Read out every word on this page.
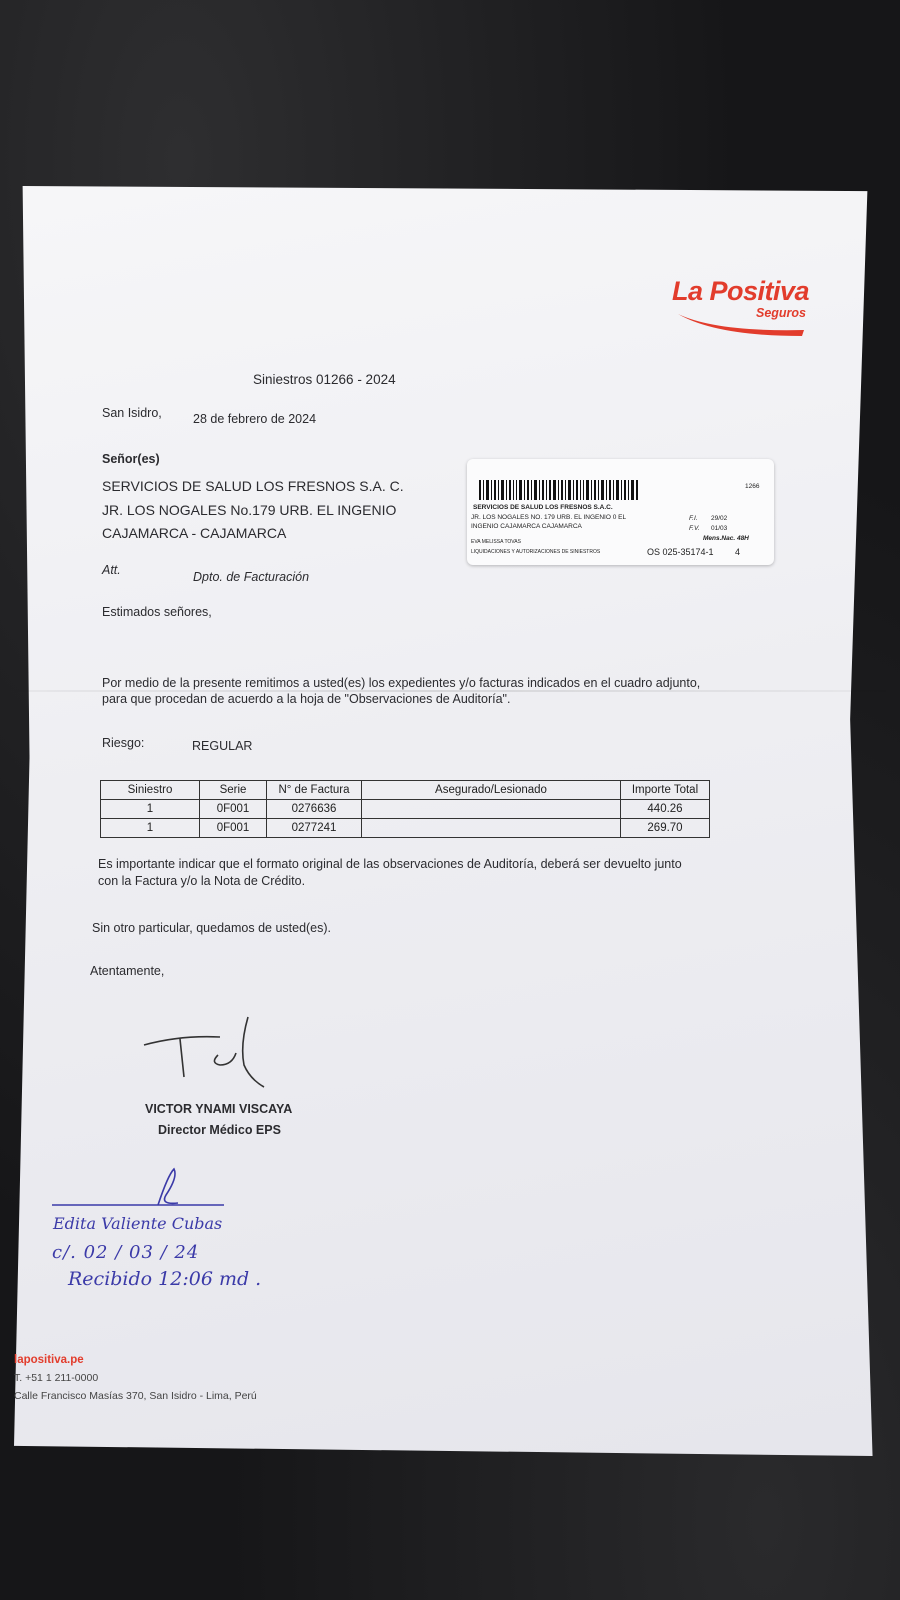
La Positiva
Seguros
Siniestros 01266 - 2024
San Isidro, 28 de febrero de 2024
Señor(es)
SERVICIOS DE SALUD LOS FRESNOS S.A. C.
JR. LOS NOGALES No.179 URB. EL INGENIO
CAJAMARCA - CAJAMARCA
Att.	Dpto. de Facturación
Estimados señores,
1266
SERVICIOS DE SALUD LOS FRESNOS S.A.C.
JR. LOS NOGALES NO. 179 URB. EL INGENIO 0 EL
INGENIO CAJAMARCA CAJAMARCA
F.I. 29/02
F.V. 01/03
Mens.Nac. 48H
EVA MELISSA TOVAS
LIQUIDACIONES Y AUTORIZACIONES DE SINIESTROS	OS 025-35174-1 4
Por medio de la presente remitimos a usted(es) los expedientes y/o facturas indicados en el cuadro adjunto,
para que procedan de acuerdo a la hoja de "Observaciones de Auditoría".
Riesgo:	REGULAR
Siniestro	Serie	N° de Factura	Asegurado/Lesionado	Importe Total
1	0F001	0276636		440.26
1	0F001	0277241		269.70
Es importante indicar que el formato original de las observaciones de Auditoría, deberá ser devuelto junto
con la Factura y/o la Nota de Crédito.
Sin otro particular, quedamos de usted(es).
Atentamente,
VICTOR YNAMI VISCAYA
Director Médico EPS
Edita Valiente Cubas
c/. 02 / 03 / 24
Recibido 12:06 md .
lapositiva.pe
T. +51 1 211-0000
Calle Francisco Masías 370, San Isidro - Lima, Perú
